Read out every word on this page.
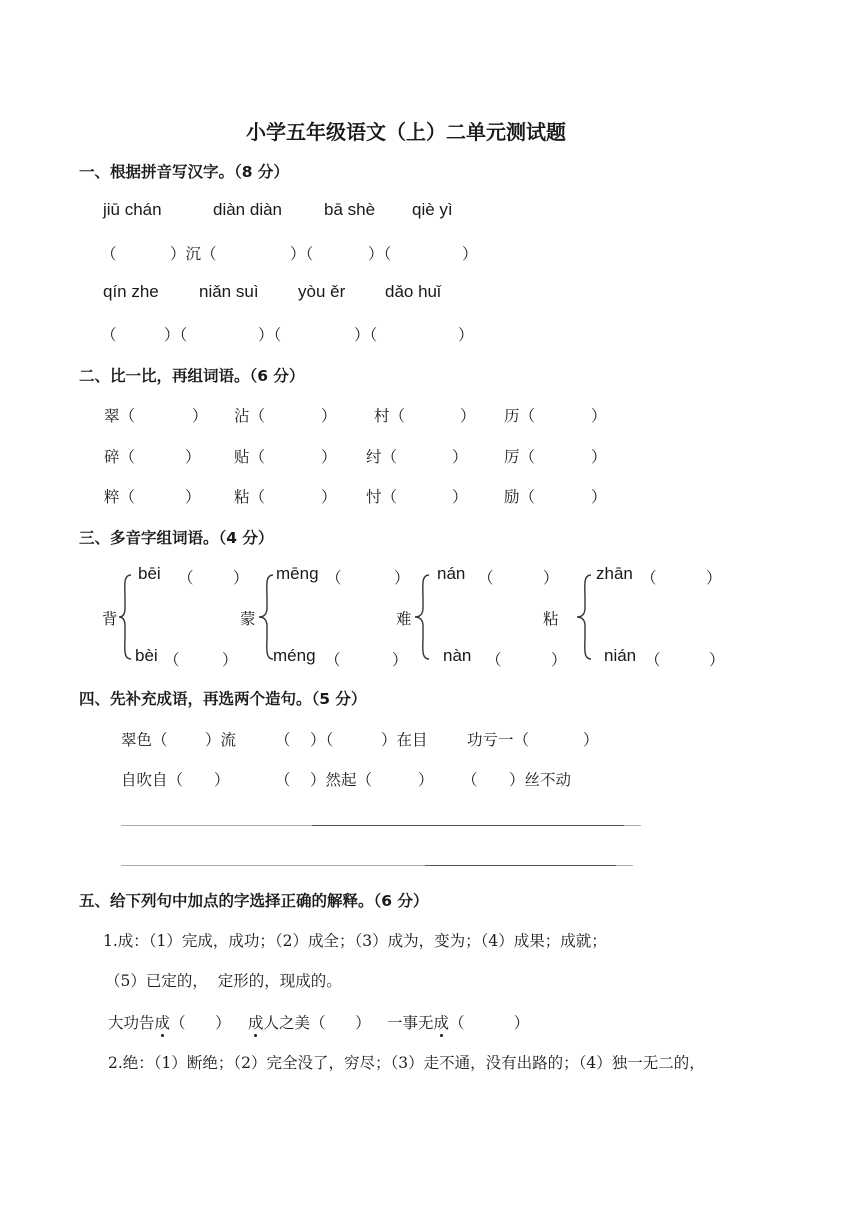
小学五年级语文（上）二单元测试题
一、根据拼音写汉字。（8 分）
jiū chán	diàn diàn bā shè qiè yì
（	）沉（	）（	）（	）
qín zhe niǎn suì yòu ěr dǎo huǐ
（	）（	）（	）（	）
二、比一比，再组词语。（6 分）
翠（	） 沾（	） 村（	） 历（	）
碎（	） 贴（	） 纣（	） 厉（	）
粹（	） 粘（	） 忖（	） 励（	）
三、多音字组词语。（4 分）
背
bēi （	）
bèi （	）
蒙
mēng （	）
méng （	）
难
nán （	）
nàn （	）
粘
zhān （	）
nián （	）
四、先补充成语，再选两个造句。（5 分）
翠色（ ）流	（ ）（	）在目	功亏一（	）
自吹自（ ）	（ ）然起（	） （ ）丝不动
五、给下列句中加点的字选择正确的解释。（6 分）
1.成：（1）完成，成功；（2）成全；（3）成为，变为；（4）成果；成就；
（5）已定的，  定形的，现成的。
大功告成（      ） 成人之美（      ） 一事无成（          ）
2.绝：（1）断绝；（2）完全没了，穷尽；（3）走不通，没有出路的；（4）独一无二的，
